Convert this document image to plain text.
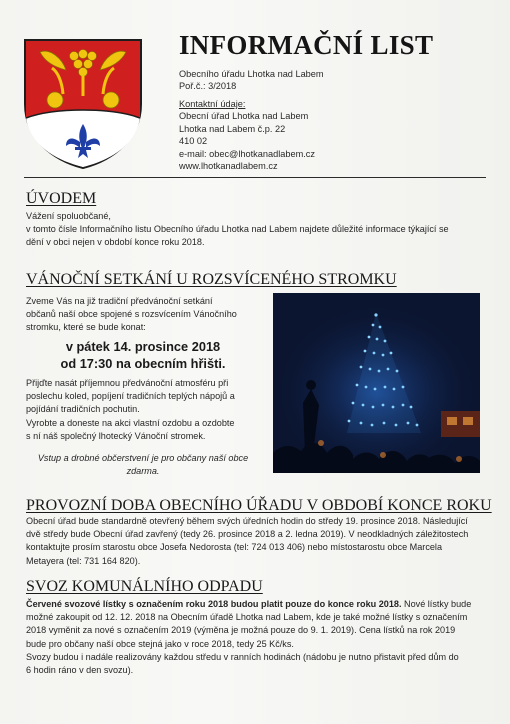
INFORMAČNÍ LIST
Obecního úřadu Lhotka nad Labem
Poř.č.: 3/2018
Kontaktní údaje:
Obecní úřad Lhotka nad Labem
Lhotka nad Labem č.p. 22
410 02
e-mail: obec@lhotkanadlabem.cz
www.lhotkanadlabem.cz
ÚVODEM
Vážení spoluobčané,
v tomto čísle Informačního listu Obecního úřadu Lhotka nad Labem najdete důležité informace týkající se
dění v obci nejen v období konce roku 2018.
VÁNOČNÍ SETKÁNÍ U ROZSVÍCENÉHO STROMKU
Zveme Vás na již tradiční předvánoční setkání
občanů naší obce spojené s rozsvícením Vánočního
stromku, které se bude konat:
v pátek 14. prosince 2018
od 17:30 na obecním hřišti.
Přijďte nasát příjemnou předvánoční atmosféru při
poslechu koled, popíjení tradičních teplých nápojů a
pojídání tradičních pochutin.
Vyrobte a doneste na akci vlastní ozdobu a ozdobte
s ní náš společný lhotecký Vánoční stromek.
Vstup a drobné občerstvení je pro občany naší obce
zdarma.
PROVOZNÍ DOBA OBECNÍHO ÚŘADU V OBDOBÍ KONCE ROKU
Obecní úřad bude standardně otevřený během svých úředních hodin do středy 19. prosince 2018. Následující
dvě středy bude Obecní úřad zavřený (tedy 26. prosince 2018 a 2. ledna 2019). V neodkladných záležitostech
kontaktujte prosím starostu obce Josefa Nedorosta (tel: 724 013 406) nebo místostarostu obce Marcela
Metayera (tel: 731 164 820).
SVOZ KOMUNÁLNÍHO ODPADU
Červené svozové lístky s označením roku 2018 budou platit pouze do konce roku 2018. Nové lístky bude
možné zakoupit od 12. 12. 2018 na Obecním úřadě Lhotka nad Labem, kde je také možné lístky s označením
2018 vyměnit za nové s označením 2019 (výměna je možná pouze do 9. 1. 2019). Cena lístků na rok 2019
bude pro občany naší obce stejná jako v roce 2018, tedy 25 Kč/ks.
Svozy budou i nadále realizovány každou středu v ranních hodinách (nádobu je nutno přistavit před dům do
6 hodin ráno v den svozu).
